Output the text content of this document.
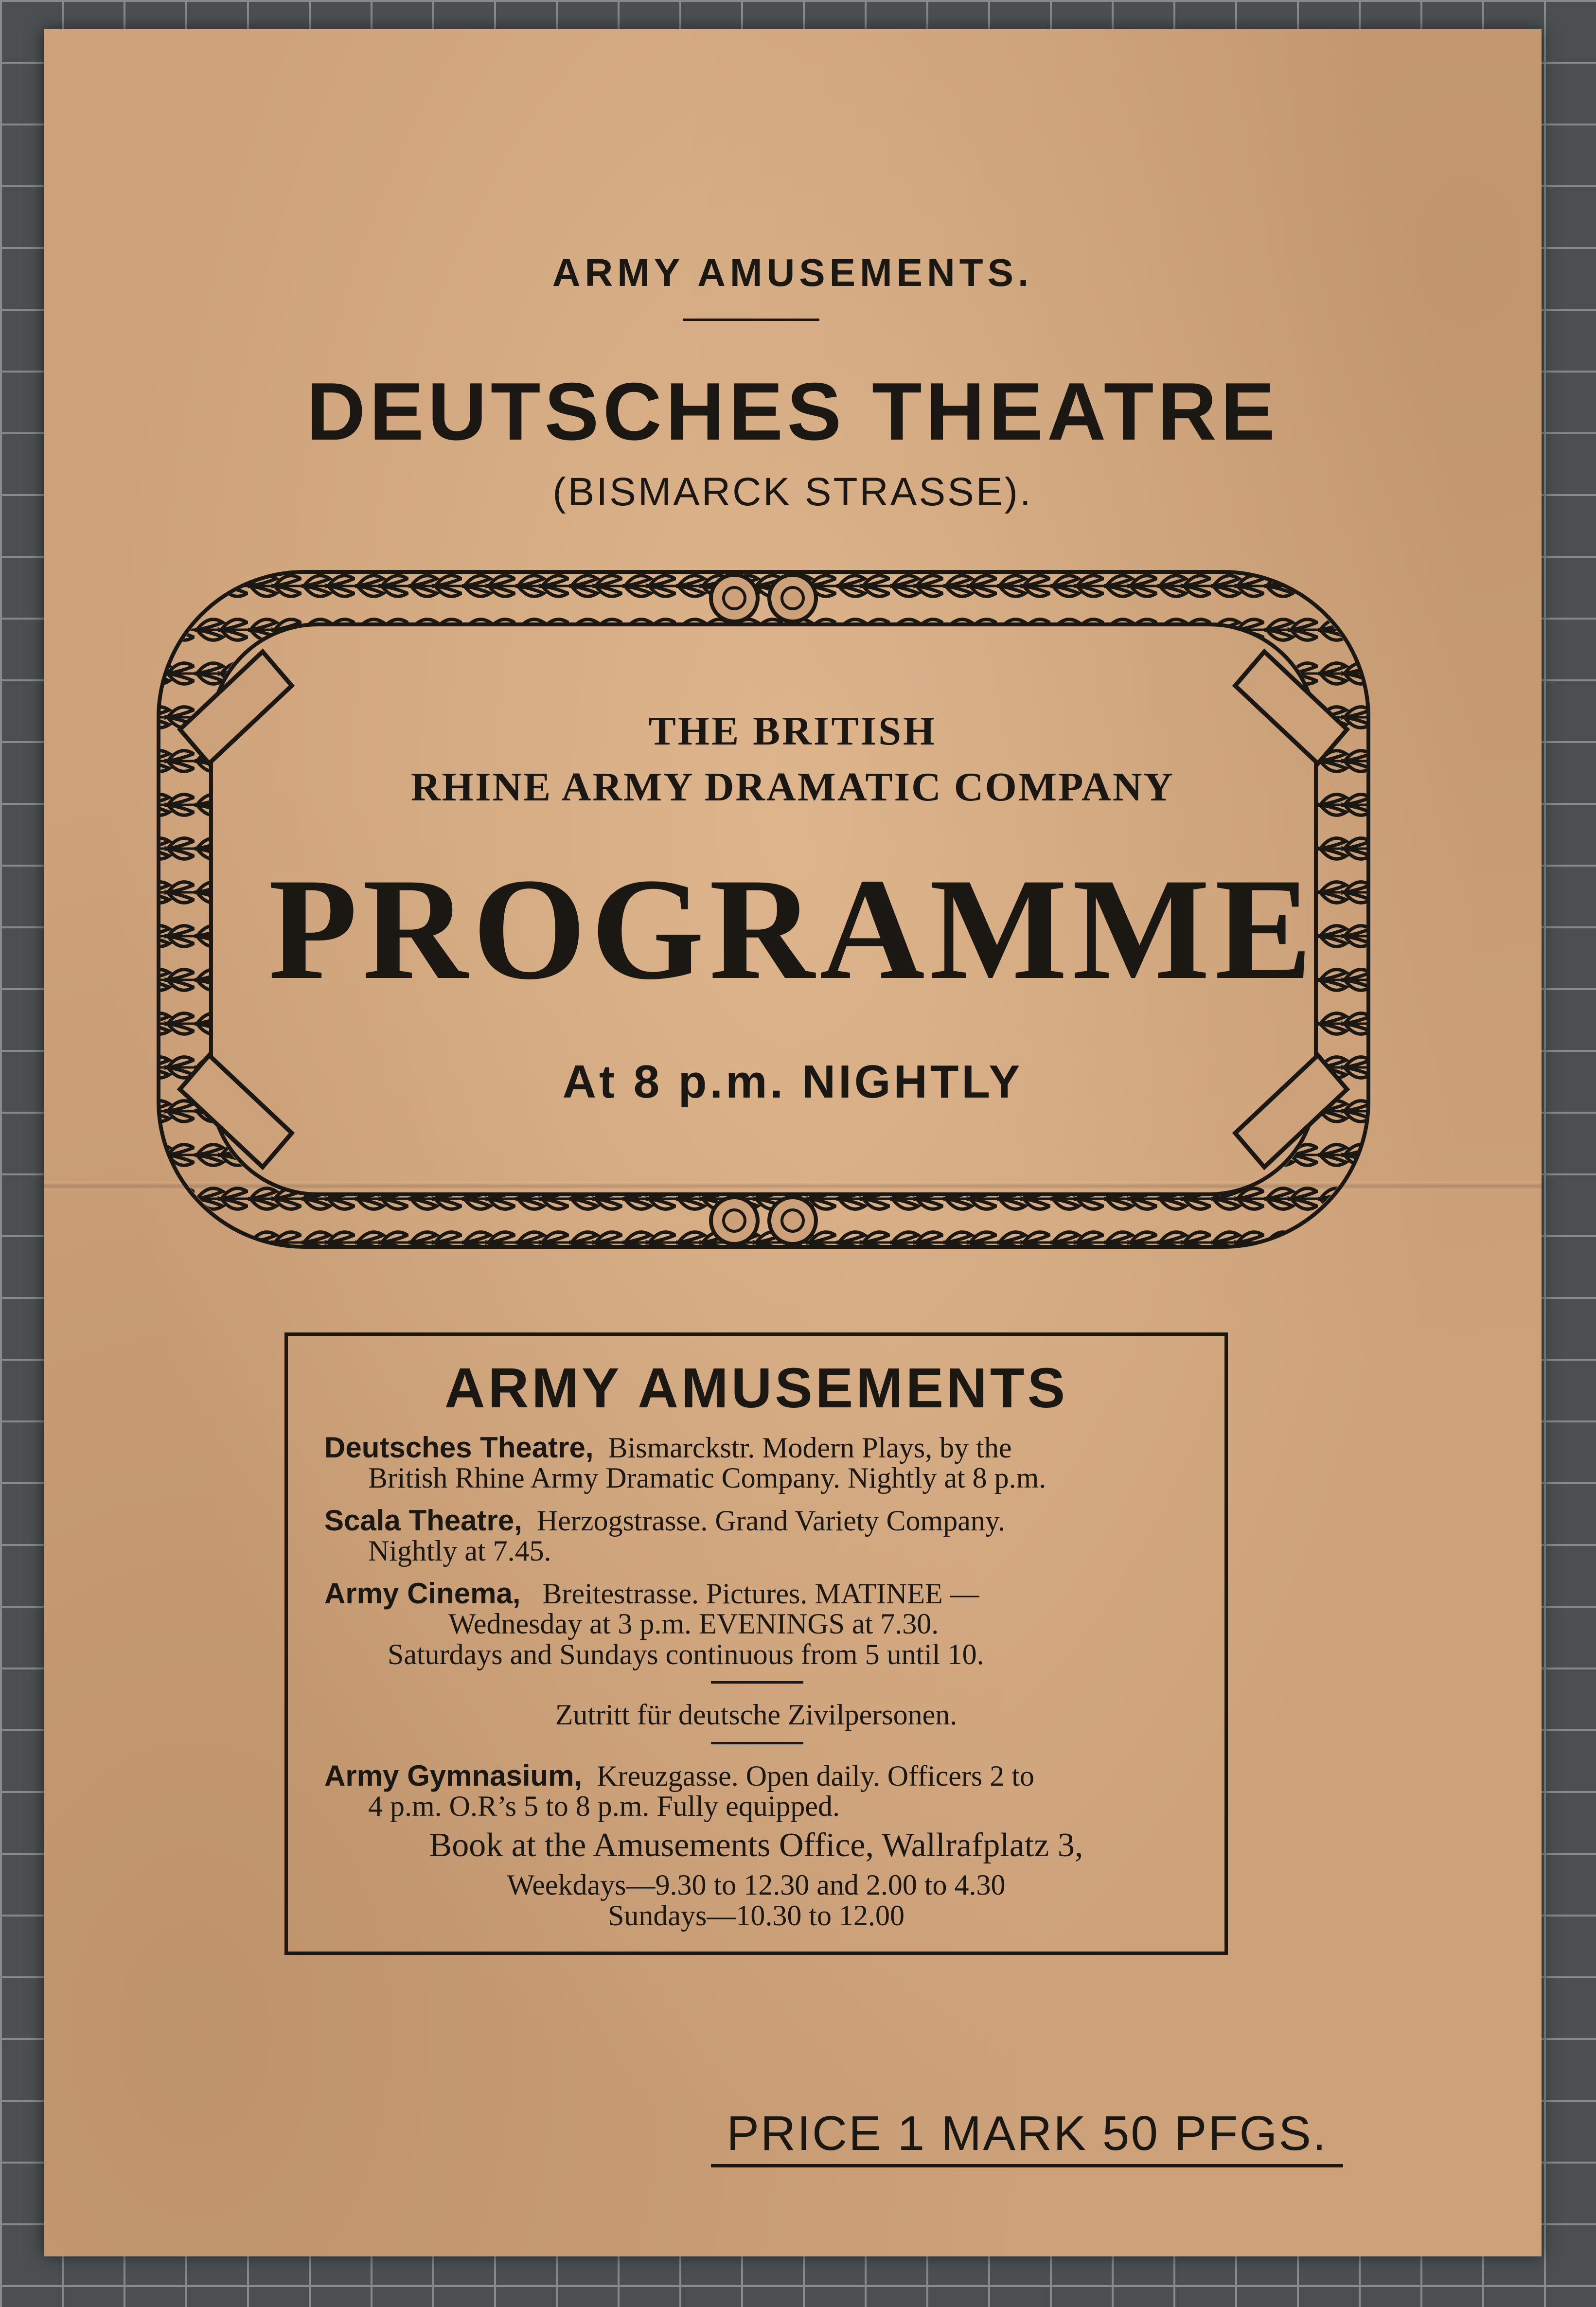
ARMY AMUSEMENTS.
DEUTSCHES THEATRE
(BISMARCK STRASSE).
THE BRITISH
RHINE ARMY DRAMATIC COMPANY
PROGRAMME
At 8 p.m. NIGHTLY
ARMY AMUSEMENTS
Deutsches Theatre, Bismarckstr. Modern Plays, by the
British Rhine Army Dramatic Company. Nightly at 8 p.m.
Scala Theatre, Herzogstrasse. Grand Variety Company.
Nightly at 7.45.
Army Cinema, Breitestrasse. Pictures. MATINEE —
Wednesday at 3 p.m. EVENINGS at 7.30.
Saturdays and Sundays continuous from 5 until 10.
Zutritt für deutsche Zivilpersonen.
Army Gymnasium, Kreuzgasse. Open daily. Officers 2 to
4 p.m. O.R’s 5 to 8 p.m. Fully equipped.
Book at the Amusements Office, Wallrafplatz 3,
Weekdays—9.30 to 12.30 and 2.00 to 4.30
Sundays—10.30 to 12.00
PRICE 1 MARK 50 PFGS.
